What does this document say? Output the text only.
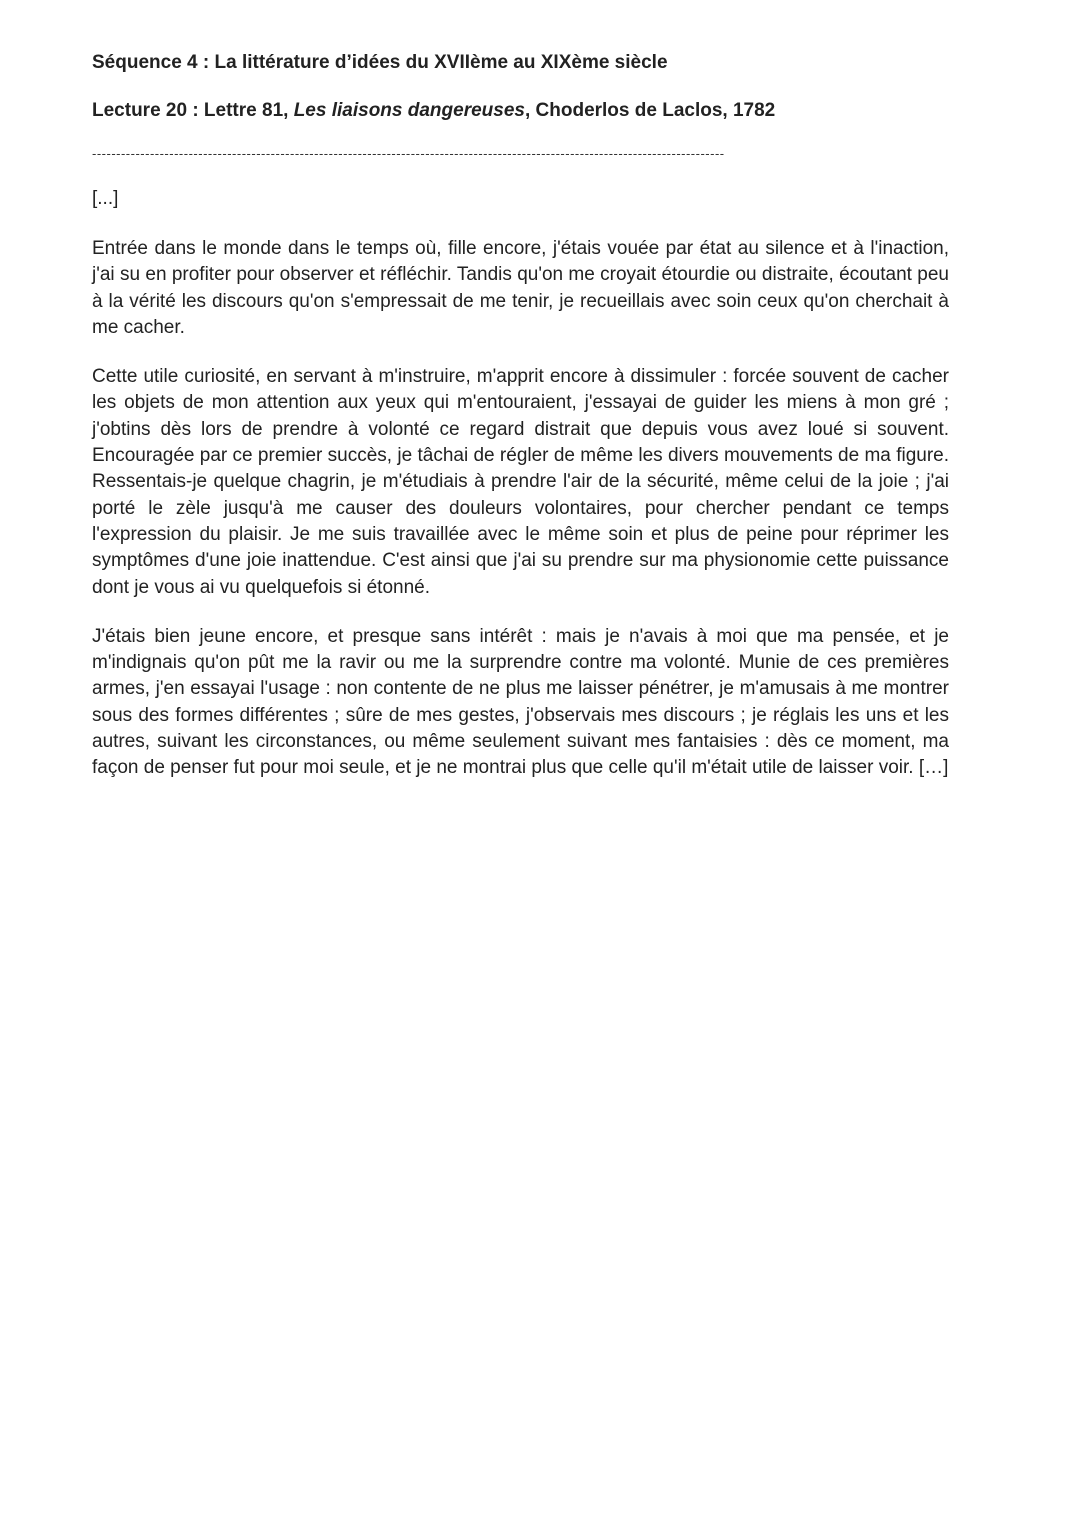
Séquence 4 : La littérature d’idées du XVIIème au XIXème siècle

Lecture 20 : Lettre 81, Les liaisons dangereuses, Choderlos de Laclos, 1782

-----------------------------------------------------------------------------------------------------------------------------------

[...]

Entrée dans le monde dans le temps où, fille encore, j'étais vouée par état au silence et à l'inaction, j'ai su en profiter pour observer et réfléchir. Tandis qu'on me croyait étourdie ou distraite, écoutant peu à la vérité les discours qu'on s'empressait de me tenir, je recueillais avec soin ceux qu'on cherchait à me cacher.

Cette utile curiosité, en servant à m'instruire, m'apprit encore à dissimuler : forcée souvent de cacher les objets de mon attention aux yeux qui m'entouraient, j'essayai de guider les miens à mon gré ; j'obtins dès lors de prendre à volonté ce regard distrait que depuis vous avez loué si souvent. Encouragée par ce premier succès, je tâchai de régler de même les divers mouvements de ma figure. Ressentais-je quelque chagrin, je m'étudiais à prendre l'air de la sécurité, même celui de la joie ; j'ai porté le zèle jusqu'à me causer des douleurs volontaires, pour chercher pendant ce temps l'expression du plaisir. Je me suis travaillée avec le même soin et plus de peine pour réprimer les symptômes d'une joie inattendue. C'est ainsi que j'ai su prendre sur ma physionomie cette puissance dont je vous ai vu quelquefois si étonné.

J'étais bien jeune encore, et presque sans intérêt : mais je n'avais à moi que ma pensée, et je m'indignais qu'on pût me la ravir ou me la surprendre contre ma volonté. Munie de ces premières armes, j'en essayai l'usage : non contente de ne plus me laisser pénétrer, je m'amusais à me montrer sous des formes différentes ; sûre de mes gestes, j'observais mes discours ; je réglais les uns et les autres, suivant les circonstances, ou même seulement suivant mes fantaisies : dès ce moment, ma façon de penser fut pour moi seule, et je ne montrai plus que celle qu'il m'était utile de laisser voir. […]
